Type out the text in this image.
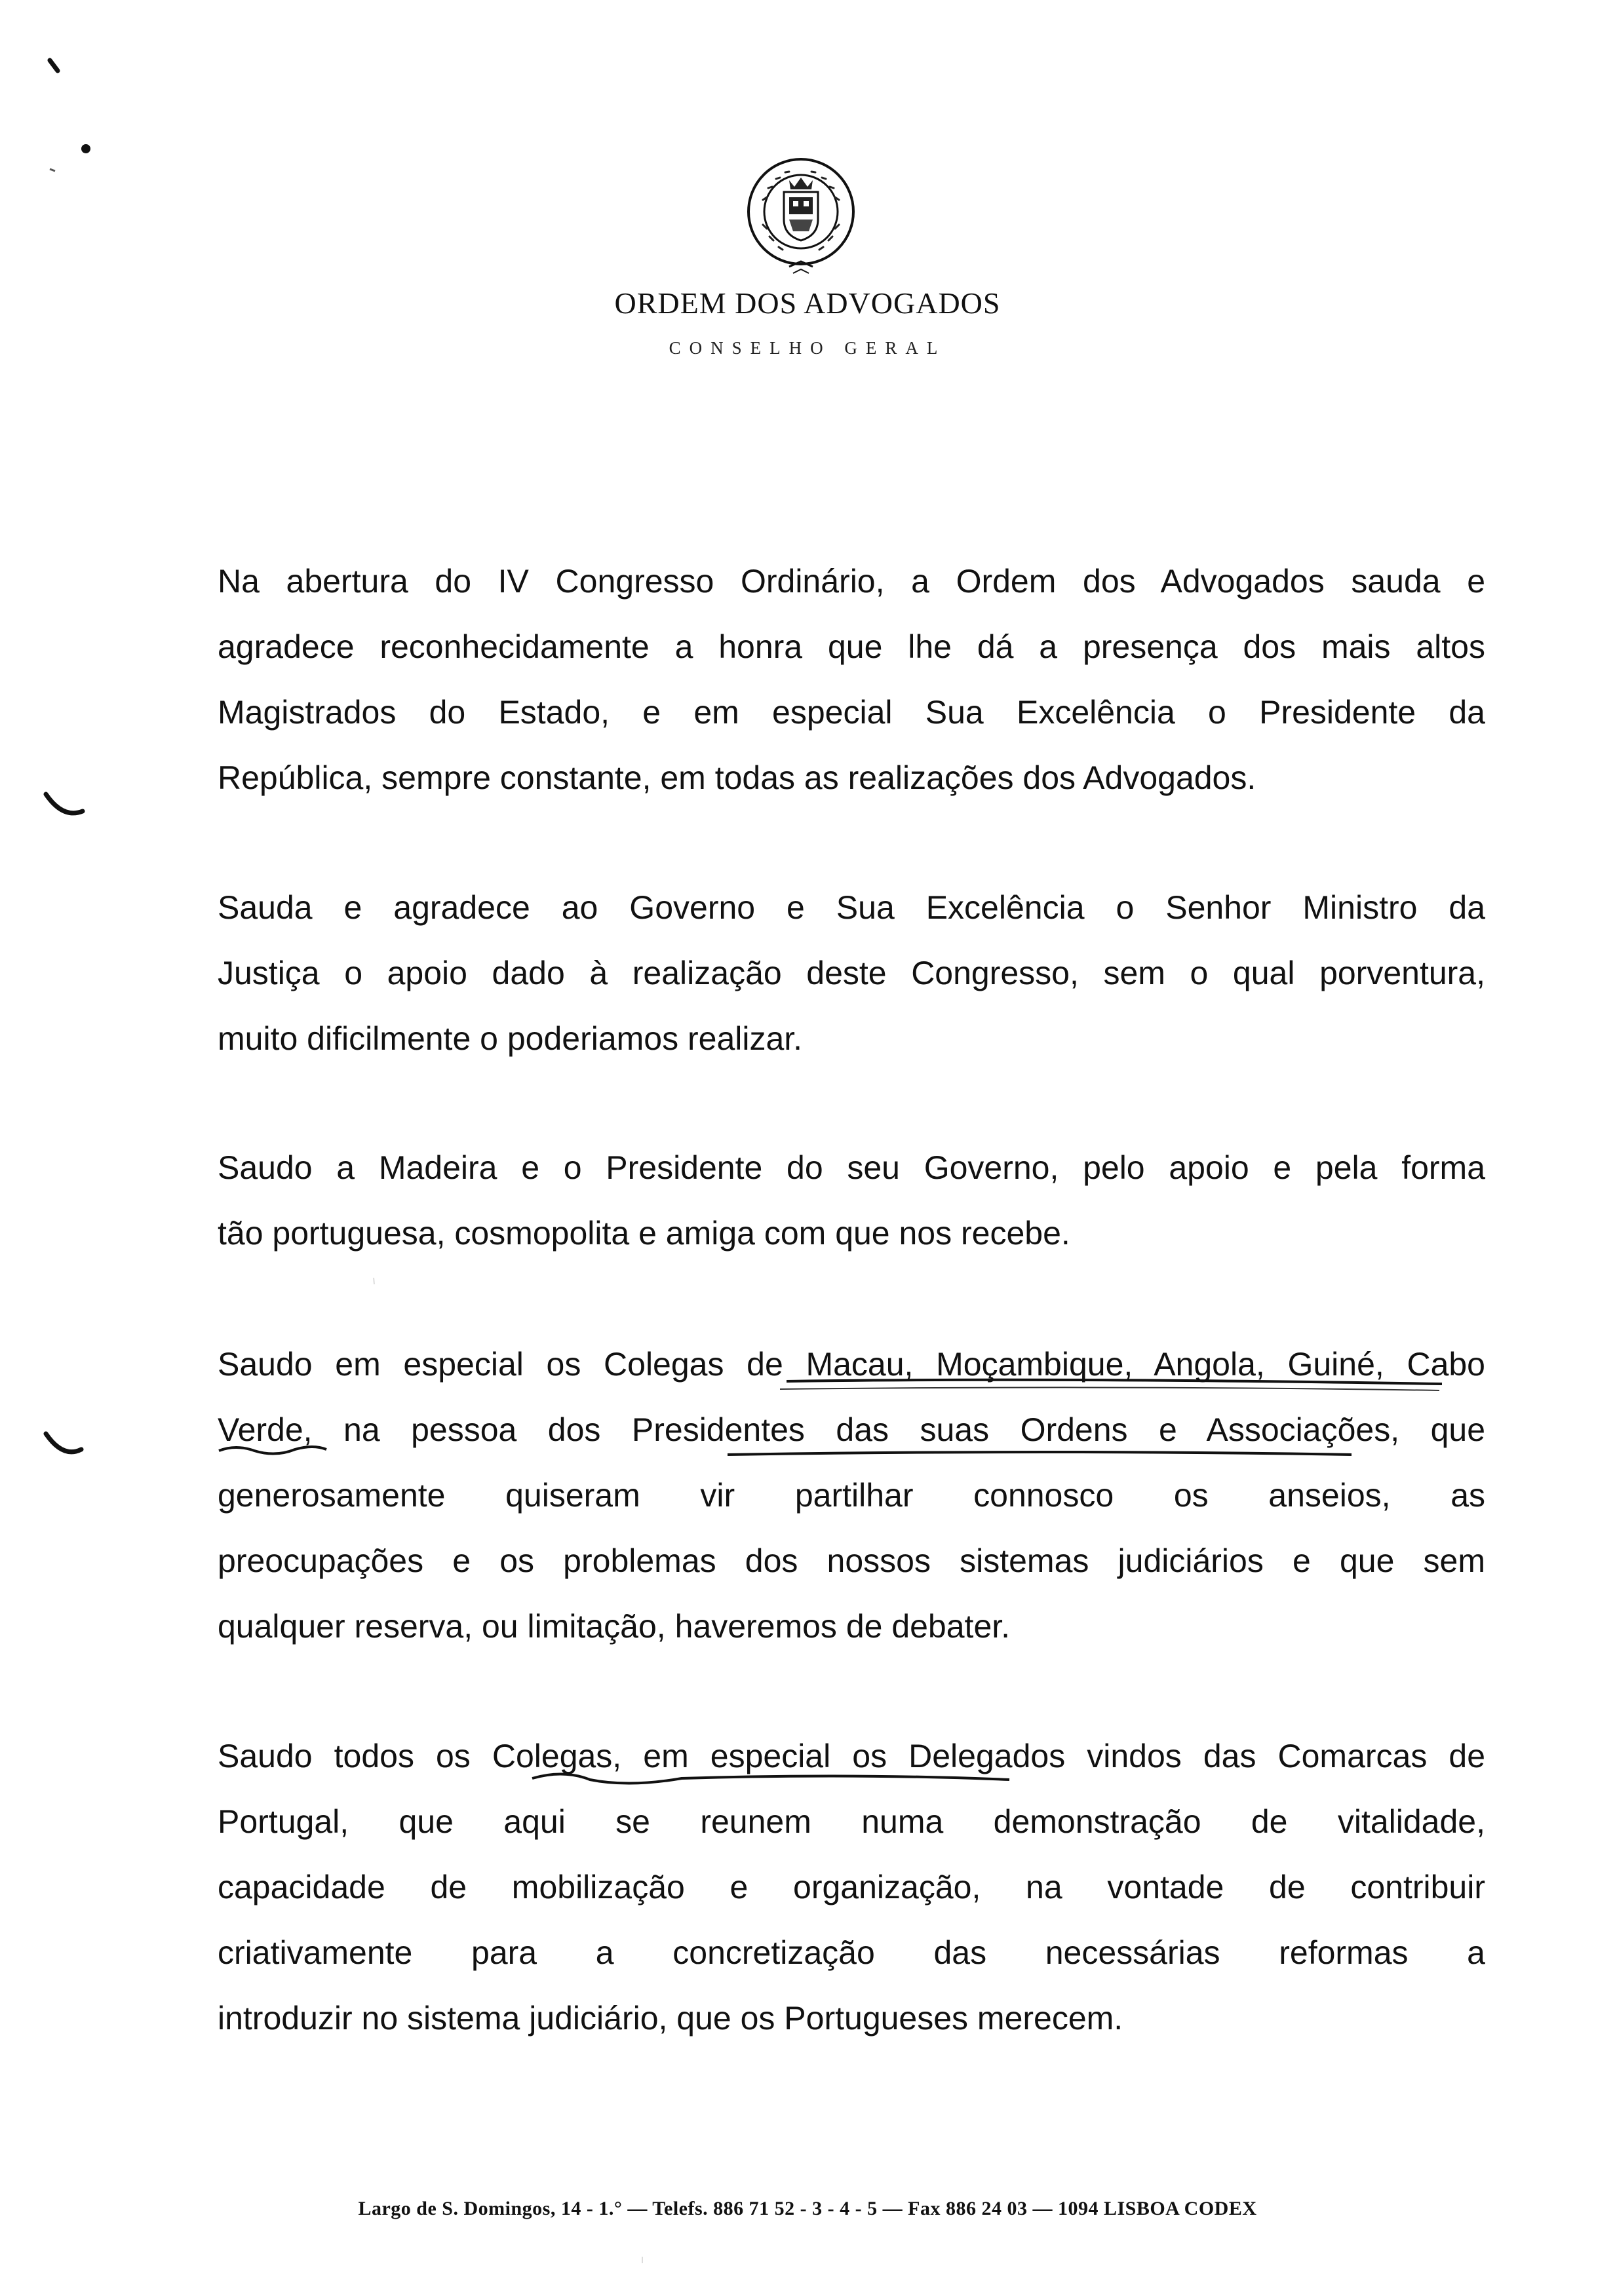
ORDEM DOS ADVOGADOS
CONSELHO GERAL
Na abertura do IV Congresso Ordinário, a Ordem dos Advogados sauda e
agradece reconhecidamente a honra que lhe dá a presença dos mais altos
Magistrados do Estado, e em especial Sua Excelência o Presidente da
República, sempre constante, em todas as realizações dos Advogados.
Sauda e agradece ao Governo e Sua Excelência o Senhor Ministro da
Justiça o apoio dado à realização deste Congresso, sem o qual porventura,
muito dificilmente o poderiamos realizar.
Saudo a Madeira e o Presidente do seu Governo, pelo apoio e pela forma
tão portuguesa, cosmopolita e amiga com que nos recebe.
Saudo em especial os Colegas de Macau, Moçambique, Angola, Guiné, Cabo
Verde, na pessoa dos Presidentes das suas Ordens e Associações, que
generosamente quiseram vir partilhar connosco os anseios, as
preocupações e os problemas dos nossos sistemas judiciários e que sem
qualquer reserva, ou limitação, haveremos de debater.
Saudo todos os Colegas, em especial os Delegados vindos das Comarcas de
Portugal, que aqui se reunem numa demonstração de vitalidade,
capacidade de mobilização e organização, na vontade de contribuir
criativamente para a concretização das necessárias reformas a
introduzir no sistema judiciário, que os Portugueses merecem.
Largo de S. Domingos, 14 - 1.° — Telefs. 886 71 52 - 3 - 4 - 5 — Fax 886 24 03 — 1094 LISBOA CODEX
